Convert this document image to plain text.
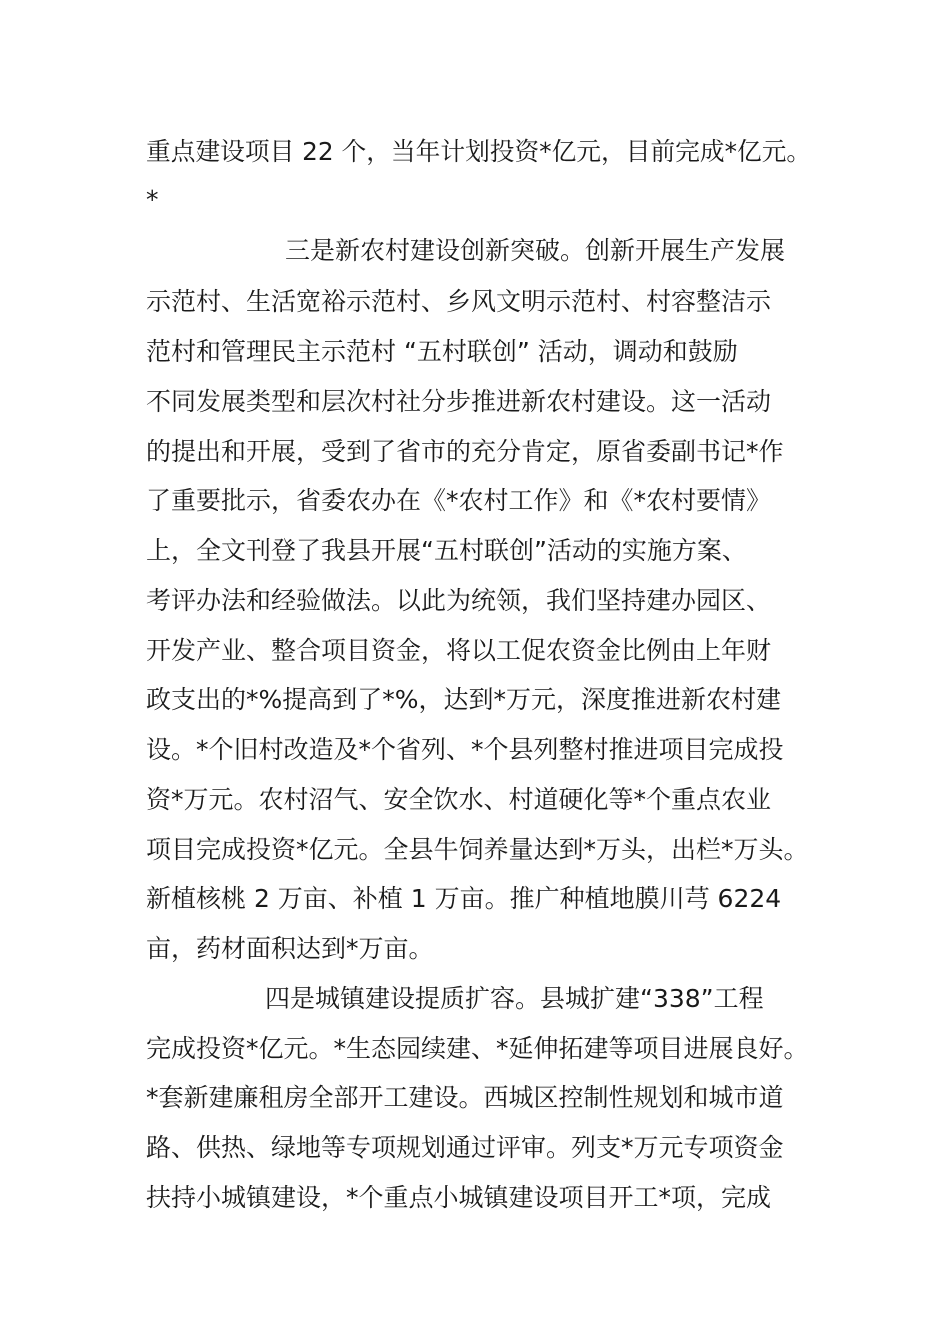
重点建设项目 22 个，当年计划投资*亿元，目前完成*亿元。
*
三是新农村建设创新突破。创新开展生产发展
示范村、生活宽裕示范村、乡风文明示范村、村容整洁示
范村和管理民主示范村 “五村联创” 活动，调动和鼓励
不同发展类型和层次村社分步推进新农村建设。这一活动
的提出和开展，受到了省市的充分肯定，原省委副书记*作
了重要批示，省委农办在《*农村工作》和《*农村要情》
上，全文刊登了我县开展“五村联创”活动的实施方案、
考评办法和经验做法。以此为统领，我们坚持建办园区、
开发产业、整合项目资金，将以工促农资金比例由上年财
政支出的*%提高到了*%，达到*万元，深度推进新农村建
设。*个旧村改造及*个省列、*个县列整村推进项目完成投
资*万元。农村沼气、安全饮水、村道硬化等*个重点农业
项目完成投资*亿元。全县牛饲养量达到*万头，出栏*万头。
新植核桃 2 万亩、补植 1 万亩。推广种植地膜川芎 6224
亩，药材面积达到*万亩。
四是城镇建设提质扩容。县城扩建“338”工程
完成投资*亿元。*生态园续建、*延伸拓建等项目进展良好。
*套新建廉租房全部开工建设。西城区控制性规划和城市道
路、供热、绿地等专项规划通过评审。列支*万元专项资金
扶持小城镇建设，*个重点小城镇建设项目开工*项，完成
